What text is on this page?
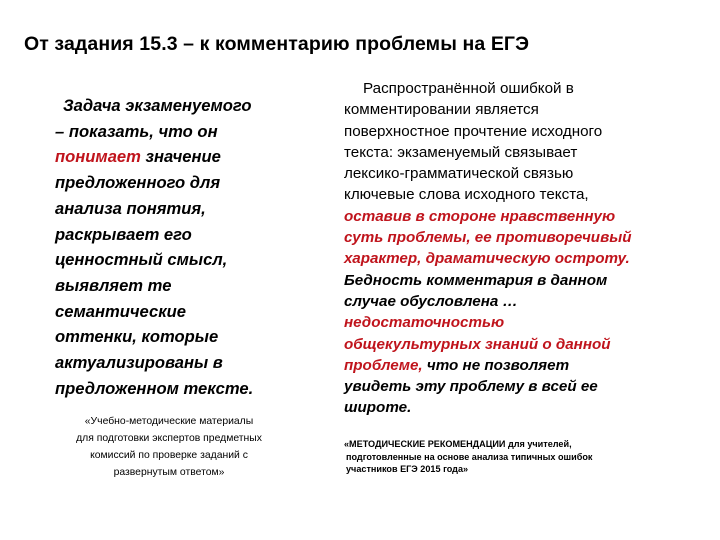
От задания 15.3 – к комментарию проблемы на ЕГЭ
Задача экзаменуемого
– показать, что он
понимает значение
предложенного для
анализа понятия,
раскрывает его
ценностный смысл,
выявляет те
семантические
оттенки, которые
актуализированы в
предложенном тексте.
«Учебно-методические материалы
для подготовки экспертов предметных
комиссий по проверке заданий с
развернутым ответом»
Распространённой ошибкой в
комментировании является
поверхностное прочтение исходного
текста: экзаменуемый связывает
лексико-грамматической связью
ключевые слова исходного текста,
оставив в стороне нравственную
суть проблемы, ее противоречивый
характер, драматическую остроту.
Бедность комментария в данном
случае обусловлена …
недостаточностью
общекультурных знаний о данной
проблеме, что не позволяет
увидеть эту проблему в всей ее
широте.
«МЕТОДИЧЕСКИЕ РЕКОМЕНДАЦИИ для учителей,
подготовленные на основе анализа типичных ошибок
участников ЕГЭ 2015 года»
